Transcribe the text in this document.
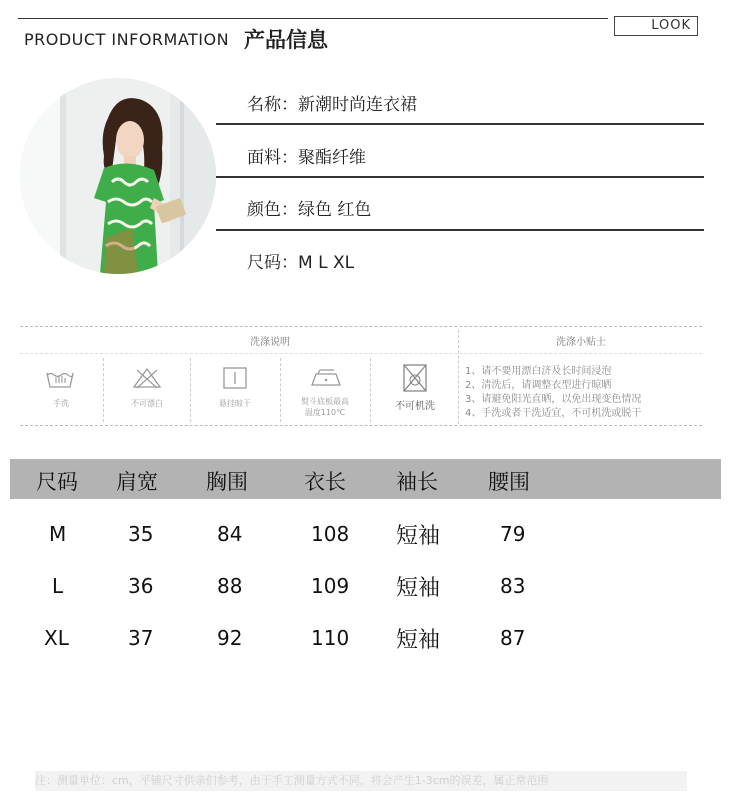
LOOK
PRODUCT INFORMATION 产品信息
名称：新潮时尚连衣裙
面料：聚酯纤维
颜色：绿色 红色
尺码：M L XL
洗涤说明	洗涤小贴士
手洗	不可漂白	悬挂晾干	熨斗底板最高
温度110℃
不可机洗
1、请不要用漂白济及长时间浸泡
2、清洗后，请调整衣型进行晾晒
3、请避免阳光直晒，以免出现变色情况
4、手洗或者干洗适宜，不可机洗或脱干
尺码 肩宽 胸围	衣长 袖长 腰围
M	35	84	108 短袖	79
L	36	88	109 短袖	83
XL	37	92	110 短袖	87
注：测量单位：cm，平铺尺寸供亲们参考，由于手工测量方式不同，将会产生1-3cm的误差，属正常范围
